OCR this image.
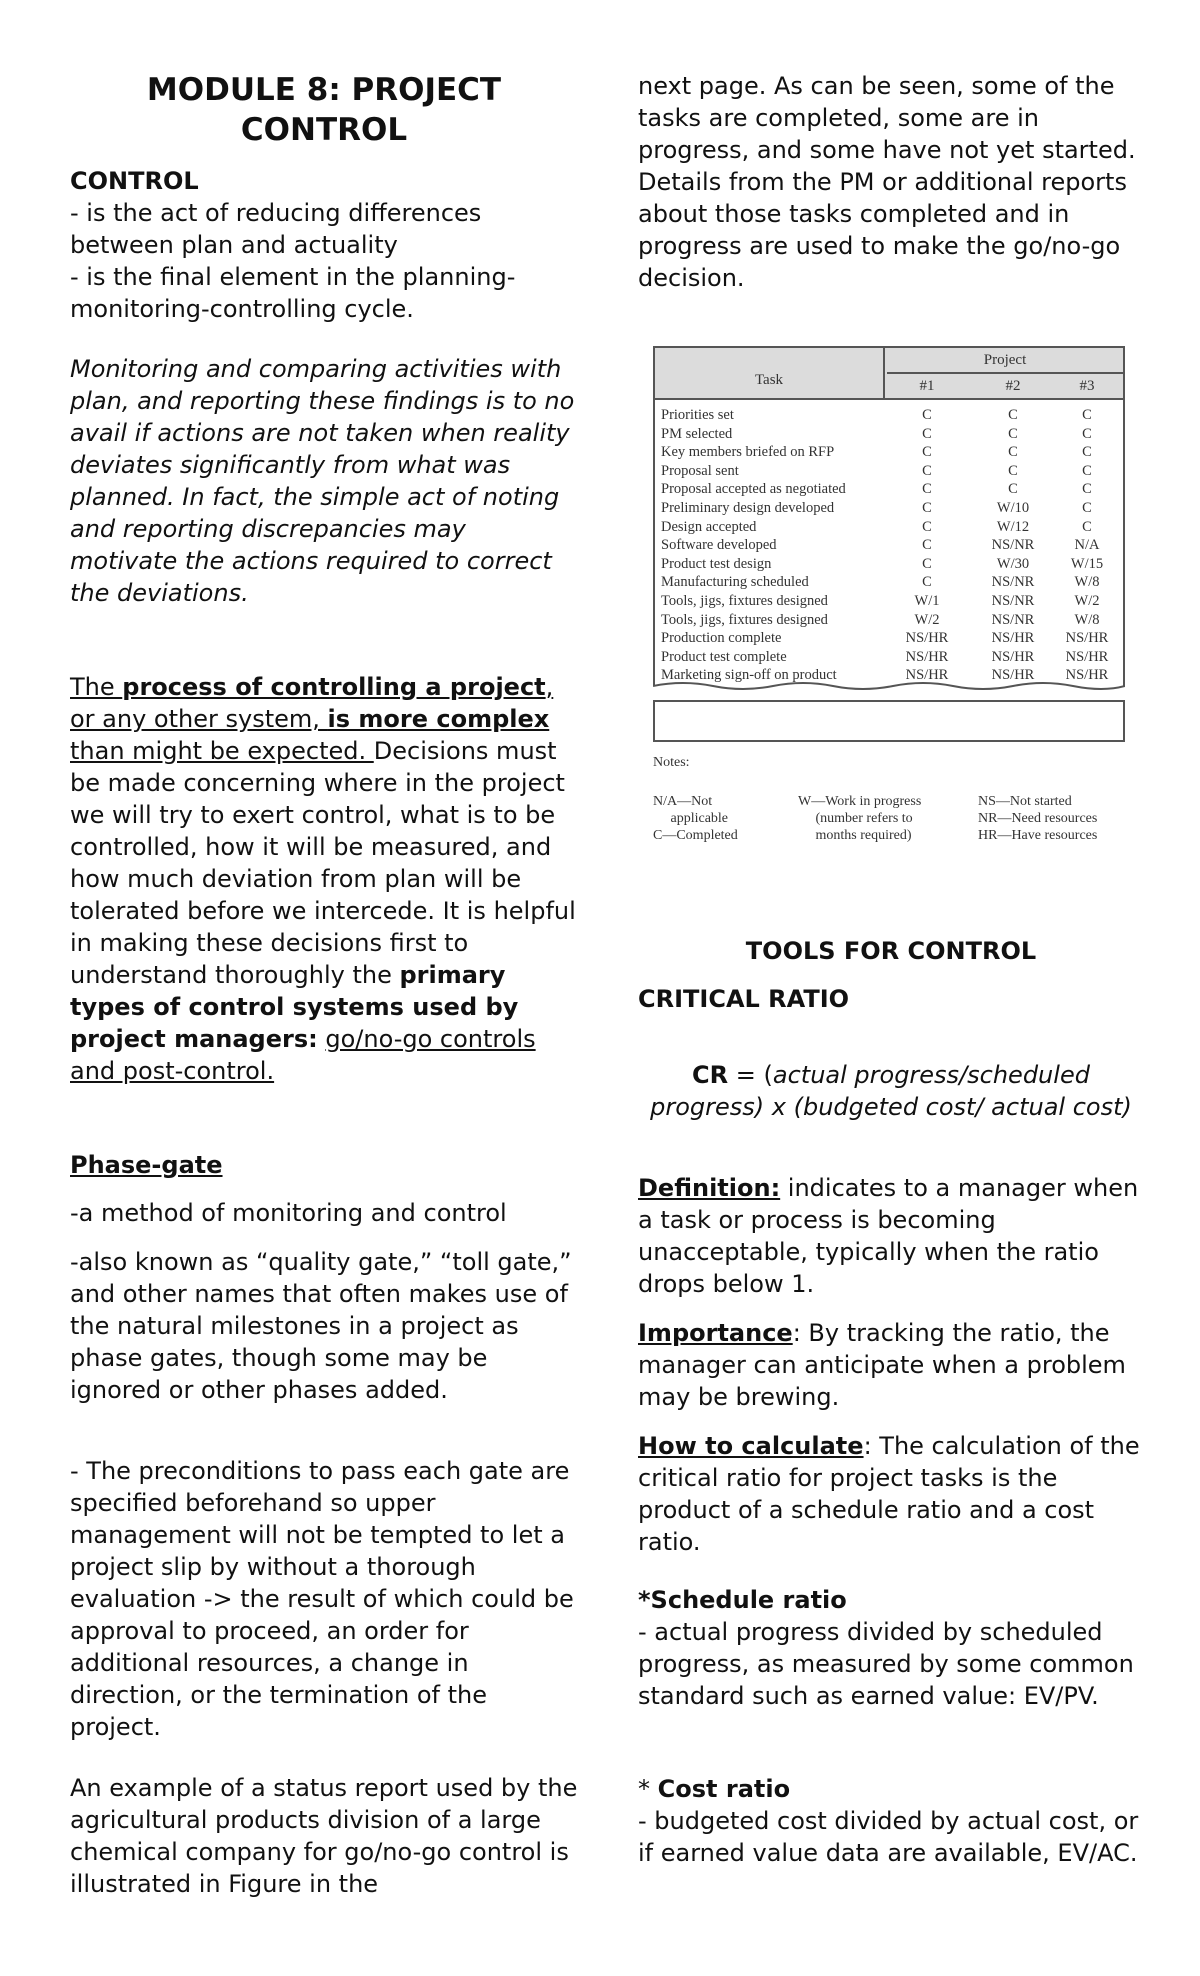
MODULE 8: PROJECT
CONTROL
CONTROL
- is the act of reducing differences between plan and actuality
- is the final element in the planning-monitoring-controlling cycle.
Monitoring and comparing activities with plan, and reporting these findings is to no avail if actions are not taken when reality deviates significantly from what was planned. In fact, the simple act of noting and reporting discrepancies may motivate the actions required to correct the deviations.
The process of controlling a project, or any other system, is more complex than might be expected. Decisions must be made concerning where in the project we will try to exert control, what is to be controlled, how it will be measured, and how much deviation from plan will be tolerated before we intercede. It is helpful in making these decisions first to understand thoroughly the primary types of control systems used by project managers: go/no-go controls and post-control.
Phase-gate
-a method of monitoring and control
-also known as “quality gate,” “toll gate,” and other names that often makes use of the natural milestones in a project as phase gates, though some may be ignored or other phases added.
- The preconditions to pass each gate are specified beforehand so upper management will not be tempted to let a project slip by without a thorough evaluation -> the result of which could be approval to proceed, an order for additional resources, a change in direction, or the termination of the project.
An example of a status report used by the agricultural products division of a large chemical company for go/no-go control is illustrated in Figure in the
next page. As can be seen, some of the tasks are completed, some are in progress, and some have not yet started. Details from the PM or additional reports about those tasks completed and in progress are used to make the go/no-go decision.
Task
Project
#1	#2	#3
Priorities set	C	C	C
PM selected	C	C	C
Key members briefed on RFP	C	C	C
Proposal sent	C	C	C
Proposal accepted as negotiated	C	C	C
Preliminary design developed	C	W/10	C
Design accepted	C	W/12	C
Software developed	C	NS/NR	N/A
Product test design	C	W/30	W/15
Manufacturing scheduled	C	NS/NR	W/8
Tools, jigs, fixtures designed	W/1	NS/NR	W/2
Tools, jigs, fixtures designed	W/2	NS/NR	W/8
Production complete	NS/HR	NS/HR	NS/HR
Product test complete	NS/HR	NS/HR	NS/HR
Marketing sign-off on product	NS/HR	NS/HR	NS/HR
Notes:
N/A—Not
applicable
C—Completed
W—Work in progress
(number refers to
months required)
NS—Not started
NR—Need resources
HR—Have resources
TOOLS FOR CONTROL
CRITICAL RATIO
CR = (actual progress/scheduled progress) x (budgeted cost/ actual cost)
Definition: indicates to a manager when a task or process is becoming unacceptable, typically when the ratio drops below 1.
Importance: By tracking the ratio, the manager can anticipate when a problem may be brewing.
How to calculate: The calculation of the critical ratio for project tasks is the product of a schedule ratio and a cost ratio.
*Schedule ratio
- actual progress divided by scheduled progress, as measured by some common standard such as earned value: EV/PV.
* Cost ratio
- budgeted cost divided by actual cost, or if earned value data are available, EV/AC.
